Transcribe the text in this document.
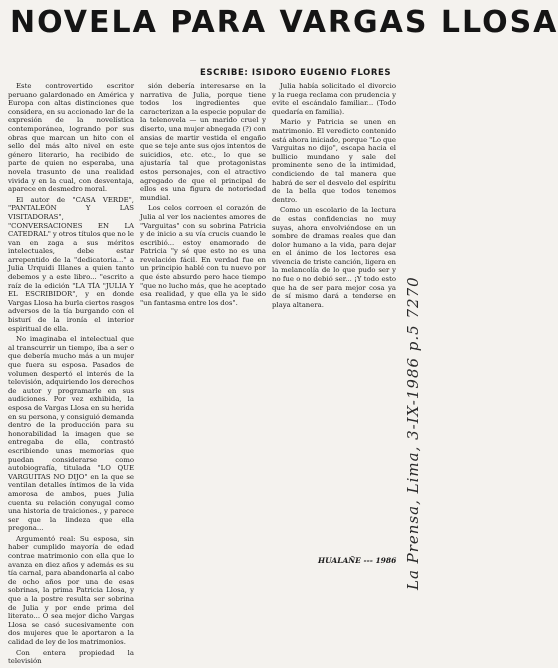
NOVELA PARA VARGAS LLOSA
ESCRIBE: ISIDORO EUGENIO FLORES

Este controvertido escritor peruano galardonado en América y Europa con altas distinciones que considera, en su accionado lar de la expresión de la novelística contemporánea, logrando por sus obras que marcan un hito con el sello del más alto nivel en este género literario, ha recibido de parte de quien no esperaba, una novela trasunto de una realidad vivida y en la cual, con desventaja, aparece en desmedro moral.

El autor de "CASA VERDE", "PANTALEÓN Y LAS VISITADORAS", "CONVERSACIONES EN LA CATEDRAL" y otros títulos que no le van en zaga a sus méritos intelectuales, debe estar arrepentido de la "dedicatoria..." a Julia Urquidi Illanes a quien tanto debemos y a este libro... "escrito a raíz de la edición "LA TÍA "JULIA Y EL ESCRIBIDOR", y en donde Vargas Llosa ha burla ciertos rasgos adversos de la tía burgando con el bisturí de la ironía el interior espiritual de ella.

No imaginaba el intelectual que al transcurrir un tiempo, iba a ser o que debería mucho más a un mujer que fuera su esposa. Pasados de volumen despertó el interés de la televisión, adquiriendo los derechos de autor y programarle en sus audiciones. Por vez exhibida, la esposa de Vargas Llosa en su herida en su persona, y consiguió demanda dentro de la producción para su honorabilidad la imagen que se entregaba de ella, contrastó escribiendo unas memorias que puedan considerarse como autobiografía, titulada "LO QUE VARGUITAS NO DIJO" en la que se ventilan detalles íntimos de la vida amorosa de ambos, pues Julia cuenta su relación conyugal como una historia de traiciones., y parece ser que la lindeza que ella pregona...

Argumentó real: Su esposa, sin haber cumplido mayoría de edad contrae matrimonio con ella que lo avanza en diez años y además es su tía carnal, para abandonarla al cabo de ocho años por una de esas sobrinas, la prima Patricia Llosa, y que a la postre resulta ser sobrina de Julia y por ende prima del literato... O sea mejor dicho Vargas Llosa se casó sucesivamente con dos mujeres que le aportaron a la calidad de ley de los matrimonios.

Con entera propiedad la televisión

sión debería interesarse en la narrativa de Julia, porque tiene todos los ingredientes que caracterizan a la especie popular de la telenovela — un marido cruel y diserto, una mujer abnegada (?) con ansias de martir vestida el engaño que se teje ante sus ojos intentos de suicidios, etc. etc., lo que se ajustaría tal que protagonistas estos personajes, con el atractivo agregado de que el principal de ellos es una figura de notoriedad mundial.

Los celos corroen el corazón de Julia al ver los nacientes amores de "Varguitas" con su sobrina Patricia y de inicio a su vía crucis cuando le escribió... estoy enamorado de Patricia "y sé que esto no es una revelación fácil. En verdad fue en un principio hablé con tu nuevo por que éste absurdo pero hace tiempo "que no lucho más, que he aceptado esa realidad, y que ella ya le sido "un fantasma entre los dos".

Julia había solicitado el divorcio y la ruega reclama con prudencia y evite el escándalo familiar... (Todo quedaría en familia).

Mario y Patricia se unen en matrimonio. El veredicto contenido está ahora iniciado, porque "Lo que Varguitas no dijo", escapa hacia el bullicio mundano y sale del prominente seno de la intimidad, condiciendo de tal manera que habrá de ser el desvelo del espíritu de la bella que todos tenemos dentro.

Como un escolario de la lectura de estas confidencias no muy suyas, ahora envolviéndose en un sombre de dramas reales que dan dolor humano a la vida, para dejar en el ánimo de los lectores esa vivencia de triste canción, ligera en la melancolía de lo que pudo ser y no fue o no debió ser... ¡Y todo esto que ha de ser para mejor cosa ya de sí mismo dará a tenderse en playa altanera.

HUALAÑE --- 1986 La Prensa, Lima, 3-IX-1986 p.5 7270
